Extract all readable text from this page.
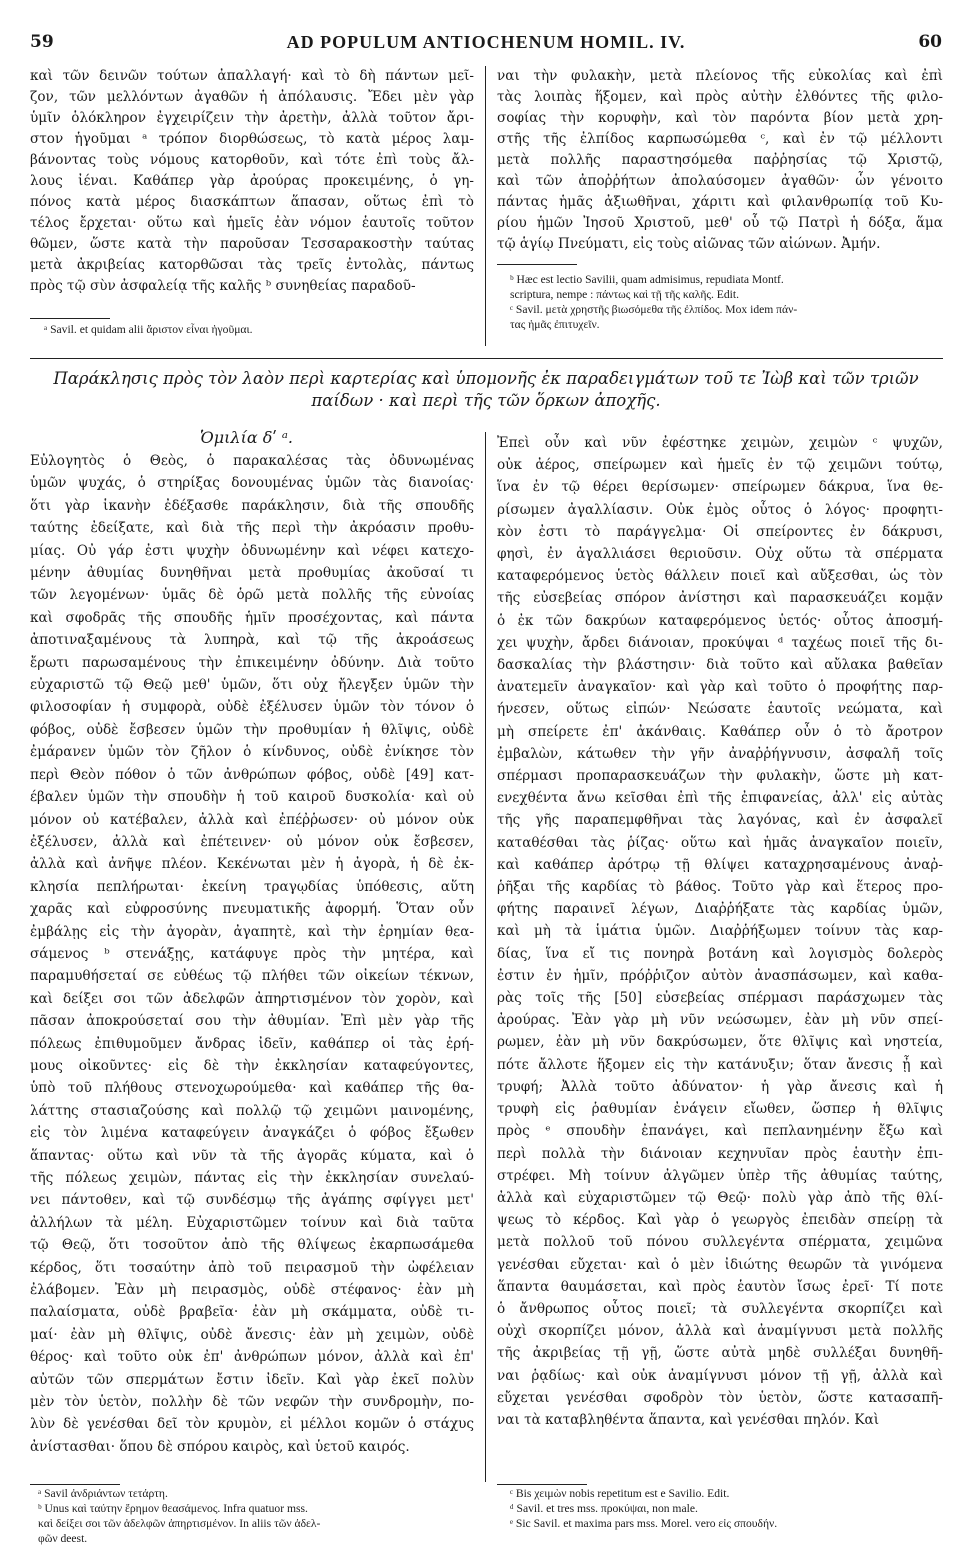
59	AD POPULUM ANTIOCHENUM HOMIL. IV.	60

καὶ τῶν δεινῶν τούτων ἀπαλλαγή· καὶ τὸ δὴ πάντων μεῖ-

ζον, τῶν μελλόντων ἀγαθῶν ἡ ἀπόλαυσις. Ἔδει μὲν γὰρ

ὑμῖν ὁλόκληρον ἐγχειρίζειν τὴν ἀρετὴν, ἀλλὰ τοῦτον ἄρι-

στον ἡγοῦμαι ᵃ τρόπον διορθώσεως, τὸ κατὰ μέρος λαμ-

βάνοντας τοὺς νόμους κατορθοῦν, καὶ τότε ἐπὶ τοὺς ἄλ-

λους ἰέναι. Καθάπερ γὰρ ἀρούρας προκειμένης, ὁ γη-

πόνος κατὰ μέρος διασκάπτων ἅπασαν, οὕτως ἐπὶ τὸ

τέλος ἔρχεται· οὕτω καὶ ἡμεῖς ἐὰν νόμον ἑαυτοῖς τοῦτον

θῶμεν, ὥστε κατὰ τὴν παροῦσαν Τεσσαρακοστὴν ταύτας

μετὰ ἀκριβείας κατορθῶσαι τὰς τρεῖς ἐντολὰς, πάντως

πρὸς τῷ σὺν ἀσφαλείᾳ τῆς καλῆς ᵇ συνηθείας παραδοῦ-

ναι τὴν φυλακὴν, μετὰ πλείονος τῆς εὐκολίας καὶ ἐπὶ

τὰς λοιπὰς ἥξομεν, καὶ πρὸς αὐτὴν ἐλθόντες τῆς φιλο-

σοφίας τὴν κορυφὴν, καὶ τὸν παρόντα βίον μετὰ χρη-

στῆς τῆς ἐλπίδος καρπωσώμεθα ᶜ, καὶ ἐν τῷ μέλλοντι

μετὰ πολλῆς παραστησόμεθα παῤῥησίας τῷ Χριστῷ,

καὶ τῶν ἀποῤῥήτων ἀπολαύσομεν ἀγαθῶν· ὧν γένοιτο

πάντας ἡμᾶς ἀξιωθῆναι, χάριτι καὶ φιλανθρωπίᾳ τοῦ Κυ-

ρίου ἡμῶν Ἰησοῦ Χριστοῦ, μεθ' οὗ τῷ Πατρὶ ἡ δόξα, ἅμα

τῷ ἁγίῳ Πνεύματι, εἰς τοὺς αἰῶνας τῶν αἰώνων. Ἀμήν.

ᵃ Savil. et quidam alii ἄριστον εἶναι ἡγοῦμαι.
ᵇ Hæc est lectio Savilii, quam admisimus, repudiata Montf.
scriptura, nempe : πάντως καὶ τῇ τῆς καλῆς. Edit.
ᶜ Savil. μετὰ χρηστῆς βιωσόμεθα τῆς ἐλπίδος. Mox idem πάν-
τας ἡμᾶς ἐπιτυχεῖν.
Παράκλησις πρὸς τὸν λαὸν περὶ καρτερίας καὶ ὑπομονῆς ἐκ παραδειγμάτων τοῦ τε Ἰὼβ καὶ τῶν τριῶν
παίδων · καὶ περὶ τῆς τῶν ὅρκων ἀποχῆς.
Ὁμιλία δʹ ᵃ.

Εὐλογητὸς ὁ Θεὸς, ὁ παρακαλέσας τὰς ὀδυνωμένας

ὑμῶν ψυχάς, ὁ στηρίξας δονουμένας ὑμῶν τὰς διανοίας·

ὅτι γὰρ ἱκανὴν ἐδέξασθε παράκλησιν, διὰ τῆς σπουδῆς

ταύτης ἐδείξατε, καὶ διὰ τῆς περὶ τὴν ἀκρόασιν προθυ-

μίας. Οὐ γάρ ἐστι ψυχὴν ὀδυνωμένην καὶ νέφει κατεχο-

μένην ἀθυμίας δυνηθῆναι μετὰ προθυμίας ἀκοῦσαί τι

τῶν λεγομένων· ὑμᾶς δὲ ὁρῶ μετὰ πολλῆς τῆς εὐνοίας

καὶ σφοδρᾶς τῆς σπουδῆς ἡμῖν προσέχοντας, καὶ πάντα

ἀποτιναξαμένους τὰ λυπηρὰ, καὶ τῷ τῆς ἀκροάσεως

ἔρωτι παρωσαμένους τὴν ἐπικειμένην ὀδύνην. Διὰ τοῦτο

εὐχαριστῶ τῷ Θεῷ μεθ' ὑμῶν, ὅτι οὐχ ἤλεγξεν ὑμῶν τὴν

φιλοσοφίαν ἡ συμφορὰ, οὐδὲ ἐξέλυσεν ὑμῶν τὸν τόνον ὁ

φόβος, οὐδὲ ἔσβεσεν ὑμῶν τὴν προθυμίαν ἡ θλῖψις, οὐδὲ

ἐμάρανεν ὑμῶν τὸν ζῆλον ὁ κίνδυνος, οὐδὲ ἐνίκησε τὸν

περὶ Θεὸν πόθον ὁ τῶν ἀνθρώπων φόβος, οὐδὲ [49] κατ-

έβαλεν ὑμῶν τὴν σπουδὴν ἡ τοῦ καιροῦ δυσκολία· καὶ οὐ

μόνον οὐ κατέβαλεν, ἀλλὰ καὶ ἐπέῤῥωσεν· οὐ μόνον οὐκ

ἐξέλυσεν, ἀλλὰ καὶ ἐπέτεινεν· οὐ μόνον οὐκ ἔσβεσεν,

ἀλλὰ καὶ ἀνῆψε πλέον. Κεκένωται μὲν ἡ ἀγορὰ, ἡ δὲ ἐκ-

κλησία πεπλήρωται· ἐκείνη τραγῳδίας ὑπόθεσις, αὕτη

χαρᾶς καὶ εὐφροσύνης πνευματικῆς ἀφορμή. Ὅταν οὖν

ἐμβάλῃς εἰς τὴν ἀγορὰν, ἀγαπητὲ, καὶ τὴν ἐρημίαν θεα-

σάμενος ᵇ στενάξῃς, κατάφυγε πρὸς τὴν μητέρα, καὶ

παραμυθήσεταί σε εὐθέως τῷ πλήθει τῶν οἰκείων τέκνων,

καὶ δείξει σοι τῶν ἀδελφῶν ἀπηρτισμένον τὸν χορὸν, καὶ

πᾶσαν ἀποκρούσεταί σου τὴν ἀθυμίαν. Ἐπὶ μὲν γὰρ τῆς

πόλεως ἐπιθυμοῦμεν ἄνδρας ἰδεῖν, καθάπερ οἱ τὰς ἐρή-

μους οἰκοῦντες· εἰς δὲ τὴν ἐκκλησίαν καταφεύγοντες,

ὑπὸ τοῦ πλήθους στενοχωρούμεθα· καὶ καθάπερ τῆς θα-

λάττης στασιαζούσης καὶ πολλῷ τῷ χειμῶνι μαινομένης,

εἰς τὸν λιμένα καταφεύγειν ἀναγκάζει ὁ φόβος ἔξωθεν

ἅπαντας· οὕτω καὶ νῦν τὰ τῆς ἀγορᾶς κύματα, καὶ ὁ

τῆς πόλεως χειμὼν, πάντας εἰς τὴν ἐκκλησίαν συνελαύ-

νει πάντοθεν, καὶ τῷ συνδέσμῳ τῆς ἀγάπης σφίγγει μετ'

ἀλλήλων τὰ μέλη. Εὐχαριστῶμεν τοίνυν καὶ διὰ ταῦτα

τῷ Θεῷ, ὅτι τοσοῦτον ἀπὸ τῆς θλίψεως ἐκαρπωσάμεθα

κέρδος, ὅτι τοσαύτην ἀπὸ τοῦ πειρασμοῦ τὴν ὠφέλειαν

ἐλάβομεν. Ἐὰν μὴ πειρασμὸς, οὐδὲ στέφανος· ἐὰν μὴ

παλαίσματα, οὐδὲ βραβεῖα· ἐὰν μὴ σκάμματα, οὐδὲ τι-

μαί· ἐὰν μὴ θλῖψις, οὐδὲ ἄνεσις· ἐὰν μὴ χειμὼν, οὐδὲ

θέρος· καὶ τοῦτο οὐκ ἐπ' ἀνθρώπων μόνον, ἀλλὰ καὶ ἐπ'

αὐτῶν τῶν σπερμάτων ἔστιν ἰδεῖν. Καὶ γὰρ ἐκεῖ πολὺν

μὲν τὸν ὑετὸν, πολλὴν δὲ τῶν νεφῶν τὴν συνδρομὴν, πο-

λὺν δὲ γενέσθαι δεῖ τὸν κρυμὸν, εἰ μέλλοι κομῶν ὁ στάχυς

ἀνίστασθαι· ὅπου δὲ σπόρου καιρὸς, καὶ ὑετοῦ καιρός.

Ἐπεὶ οὖν καὶ νῦν ἐφέστηκε χειμὼν, χειμὼν ᶜ ψυχῶν,

οὐκ ἀέρος, σπείρωμεν καὶ ἡμεῖς ἐν τῷ χειμῶνι τούτῳ,

ἵνα ἐν τῷ θέρει θερίσωμεν· σπείρωμεν δάκρυα, ἵνα θε-

ρίσωμεν ἀγαλλίασιν. Οὐκ ἐμὸς οὗτος ὁ λόγος· προφητι-

κὸν ἐστι τὸ παράγγελμα· Οἱ σπείροντες ἐν δάκρυσι,

φησὶ, ἐν ἀγαλλιάσει θεριοῦσιν. Οὐχ οὕτω τὰ σπέρματα

καταφερόμενος ὑετὸς θάλλειν ποιεῖ καὶ αὔξεσθαι, ὡς τὸν

τῆς εὐσεβείας σπόρον ἀνίστησι καὶ παρασκευάζει κομᾷν

ὁ ἐκ τῶν δακρύων καταφερόμενος ὑετός· οὗτος ἀποσμή-

χει ψυχὴν, ἄρδει διάνοιαν, προκύψαι ᵈ ταχέως ποιεῖ τῆς δι-

δασκαλίας τὴν βλάστησιν· διὰ τοῦτο καὶ αὔλακα βαθεῖαν

ἀνατεμεῖν ἀναγκαῖον· καὶ γὰρ καὶ τοῦτο ὁ προφήτης παρ-

ήνεσεν, οὕτως εἰπών· Νεώσατε ἑαυτοῖς νεώματα, καὶ

μὴ σπείρετε ἐπ' ἀκάνθαις. Καθάπερ οὖν ὁ τὸ ἄροτρον

ἐμβαλὼν, κάτωθεν τὴν γῆν ἀναῤῥήγνυσιν, ἀσφαλῆ τοῖς

σπέρμασι προπαρασκευάζων τὴν φυλακὴν, ὥστε μὴ κατ-

ενεχθέντα ἄνω κεῖσθαι ἐπὶ τῆς ἐπιφανείας, ἀλλ' εἰς αὐτὰς

τῆς γῆς παραπεμφθῆναι τὰς λαγόνας, καὶ ἐν ἀσφαλεῖ

καταθέσθαι τὰς ῥίζας· οὕτω καὶ ἡμᾶς ἀναγκαῖον ποιεῖν,

καὶ καθάπερ ἀρότρῳ τῇ θλίψει καταχρησαμένους ἀναῤ-

ῥῆξαι τῆς καρδίας τὸ βάθος. Τοῦτο γὰρ καὶ ἕτερος προ-

φήτης παραινεῖ λέγων, Διαῤῥήξατε τὰς καρδίας ὑμῶν,

καὶ μὴ τὰ ἱμάτια ὑμῶν. Διαῤῥήξωμεν τοίνυν τὰς καρ-

δίας, ἵνα εἴ τις πονηρὰ βοτάνη καὶ λογισμὸς δολερὸς

ἐστιν ἐν ἡμῖν, πρόῤῥιζον αὐτὸν ἀνασπάσωμεν, καὶ καθα-

ρὰς τοῖς τῆς [50] εὐσεβείας σπέρμασι παράσχωμεν τὰς

ἀρούρας. Ἐὰν γὰρ μὴ νῦν νεώσωμεν, ἐὰν μὴ νῦν σπεί-

ρωμεν, ἐὰν μὴ νῦν δακρύσωμεν, ὅτε θλῖψις καὶ νηστεία,

πότε ἄλλοτε ἥξομεν εἰς τὴν κατάνυξιν; ὅταν ἄνεσις ᾖ καὶ

τρυφή; Ἀλλὰ τοῦτο ἀδύνατον· ἡ γὰρ ἄνεσις καὶ ἡ

τρυφὴ εἰς ῥαθυμίαν ἐνάγειν εἴωθεν, ὥσπερ ἡ θλῖψις

πρὸς ᵉ σπουδὴν ἐπανάγει, καὶ πεπλανημένην ἔξω καὶ

περὶ πολλὰ τὴν διάνοιαν κεχηνυῖαν πρὸς ἑαυτὴν ἐπι-

στρέφει. Μὴ τοίνυν ἀλγῶμεν ὑπὲρ τῆς ἀθυμίας ταύτης,

ἀλλὰ καὶ εὐχαριστῶμεν τῷ Θεῷ· πολὺ γὰρ ἀπὸ τῆς θλί-

ψεως τὸ κέρδος. Καὶ γὰρ ὁ γεωργὸς ἐπειδὰν σπείρῃ τὰ

μετὰ πολλοῦ τοῦ πόνου συλλεγέντα σπέρματα, χειμῶνα

γενέσθαι εὔχεται· καὶ ὁ μὲν ἰδιώτης θεωρῶν τὰ γινόμενα

ἅπαντα θαυμάσεται, καὶ πρὸς ἑαυτὸν ἴσως ἐρεῖ· Τί ποτε

ὁ ἄνθρωπος οὗτος ποιεῖ; τὰ συλλεγέντα σκορπίζει καὶ

οὐχὶ σκορπίζει μόνον, ἀλλὰ καὶ ἀναμίγνυσι μετὰ πολλῆς

τῆς ἀκριβείας τῇ γῇ, ὥστε αὐτὰ μηδὲ συλλέξαι δυνηθῆ-

ναι ῥᾳδίως· καὶ οὐκ ἀναμίγνυσι μόνον τῇ γῇ, ἀλλὰ καὶ

εὔχεται γενέσθαι σφοδρὸν τὸν ὑετὸν, ὥστε κατασαπῆ-

ναι τὰ καταβληθέντα ἅπαντα, καὶ γενέσθαι πηλόν. Καὶ

ᵃ Savil ἀνδριάντων τετάρτη.
ᵇ Unus καὶ ταύτην ἔρημον θεασάμενος. Infra quatuor mss.
καὶ δείξει σοι τῶν ἀδελφῶν ἀπηρτισμένον. In aliis τῶν ἀδελ-
φῶν deest.
ᶜ Bis χειμὼν nobis repetitum est e Savilio. Edit.
ᵈ Savil. et tres mss. προκύψαι, non male.
ᵉ Sic Savil. et maxima pars mss. Morel. vero εἰς σπουδήν.
